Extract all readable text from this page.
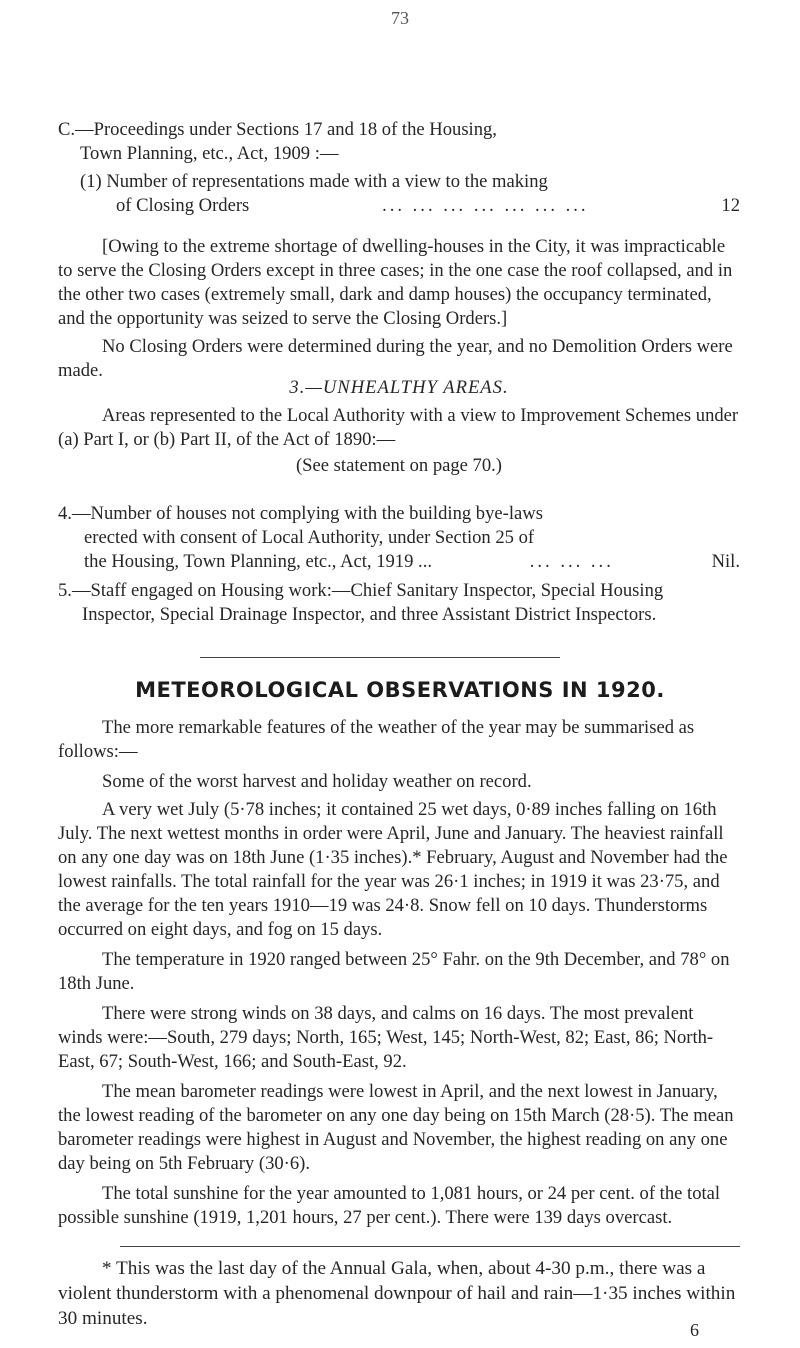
73

C.—Proceedings under Sections 17 and 18 of the Housing,

Town Planning, etc., Act, 1909 :—

(1) Number of representations made with a view to the making

of Closing Orders	... ... ... ... ... ... ...	12

[Owing to the extreme shortage of dwelling-houses in the City, it was impracticable to serve the Closing Orders except in three cases; in the one case the roof collapsed, and in the other two cases (extremely small, dark and damp houses) the occupancy terminated, and the opportunity was seized to serve the Closing Orders.]

No Closing Orders were determined during the year, and no Demolition Orders were made.

3.—UNHEALTHY AREAS.

Areas represented to the Local Authority with a view to Improvement Schemes under (a) Part I, or (b) Part II, of the Act of 1890:—

(See statement on page 70.)

4.—Number of houses not complying with the building bye-laws

erected with consent of Local Authority, under Section 25 of

the Housing, Town Planning, etc., Act, 1919 ...	... ... ...	Nil.

5.—Staff engaged on Housing work:—Chief Sanitary Inspector, Special Housing Inspector, Special Drainage Inspector, and three Assistant District Inspectors.

METEOROLOGICAL OBSERVATIONS IN 1920.

The more remarkable features of the weather of the year may be summarised as follows:—

Some of the worst harvest and holiday weather on record.

A very wet July (5·78 inches; it contained 25 wet days, 0·89 inches falling on 16th July. The next wettest months in order were April, June and January. The heaviest rainfall on any one day was on 18th June (1·35 inches).* February, August and November had the lowest rainfalls. The total rainfall for the year was 26·1 inches; in 1919 it was 23·75, and the average for the ten years 1910—19 was 24·8. Snow fell on 10 days. Thunderstorms occurred on eight days, and fog on 15 days.

The temperature in 1920 ranged between 25° Fahr. on the 9th December, and 78° on 18th June.

There were strong winds on 38 days, and calms on 16 days. The most prevalent winds were:—South, 279 days; North, 165; West, 145; North-West, 82; East, 86; North-East, 67; South-West, 166; and South-East, 92.

The mean barometer readings were lowest in April, and the next lowest in January, the lowest reading of the barometer on any one day being on 15th March (28·5). The mean barometer readings were highest in August and November, the highest reading on any one day being on 5th February (30·6).

The total sunshine for the year amounted to 1,081 hours, or 24 per cent. of the total possible sunshine (1919, 1,201 hours, 27 per cent.). There were 139 days overcast.

* This was the last day of the Annual Gala, when, about 4-30 p.m., there was a violent thunderstorm with a phenomenal downpour of hail and rain—1·35 inches within 30 minutes.

6
